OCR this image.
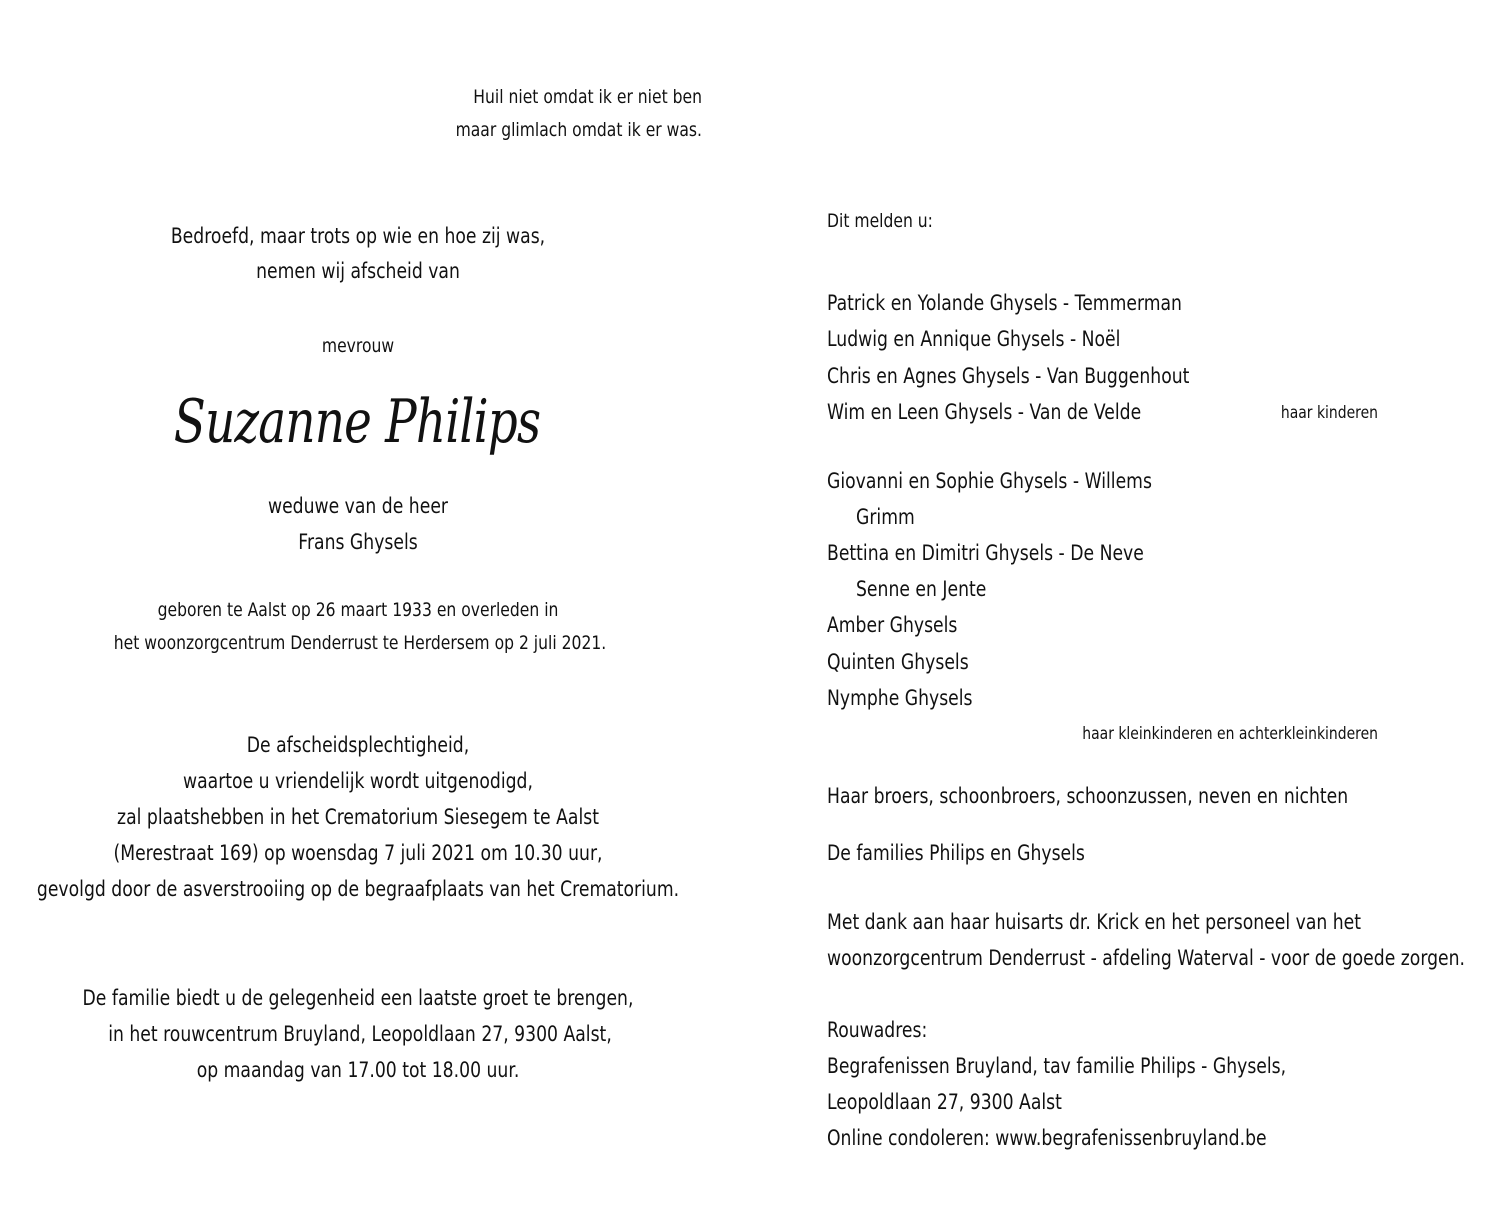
Huil niet omdat ik er niet ben
maar glimlach omdat ik er was.
Bedroefd, maar trots op wie en hoe zij was,
nemen wij afscheid van
mevrouw
Suzanne Philips
weduwe van de heer
Frans Ghysels
geboren te Aalst op 26 maart 1933 en overleden in
het woonzorgcentrum Denderrust te Herdersem op 2 juli 2021.
De afscheidsplechtigheid,
waartoe u vriendelijk wordt uitgenodigd,
zal plaatshebben in het Crematorium Siesegem te Aalst
(Merestraat 169) op woensdag 7 juli 2021 om 10.30 uur,
gevolgd door de asverstrooiing op de begraafplaats van het Crematorium.
De familie biedt u de gelegenheid een laatste groet te brengen,
in het rouwcentrum Bruyland, Leopoldlaan 27, 9300 Aalst,
op maandag van 17.00 tot 18.00 uur.
Dit melden u:
Patrick en Yolande Ghysels - Temmerman
Ludwig en Annique Ghysels - Noël
Chris en Agnes Ghysels - Van Buggenhout
Wim en Leen Ghysels - Van de Velde	haar kinderen
Giovanni en Sophie Ghysels - Willems
Grimm
Bettina en Dimitri Ghysels - De Neve
Senne en Jente
Amber Ghysels
Quinten Ghysels
Nymphe Ghysels
haar kleinkinderen en achterkleinkinderen
Haar broers, schoonbroers, schoonzussen, neven en nichten
De families Philips en Ghysels
Met dank aan haar huisarts dr. Krick en het personeel van het
woonzorgcentrum Denderrust - afdeling Waterval - voor de goede zorgen.
Rouwadres:
Begrafenissen Bruyland, tav familie Philips - Ghysels,
Leopoldlaan 27, 9300 Aalst
Online condoleren: www.begrafenissenbruyland.be
